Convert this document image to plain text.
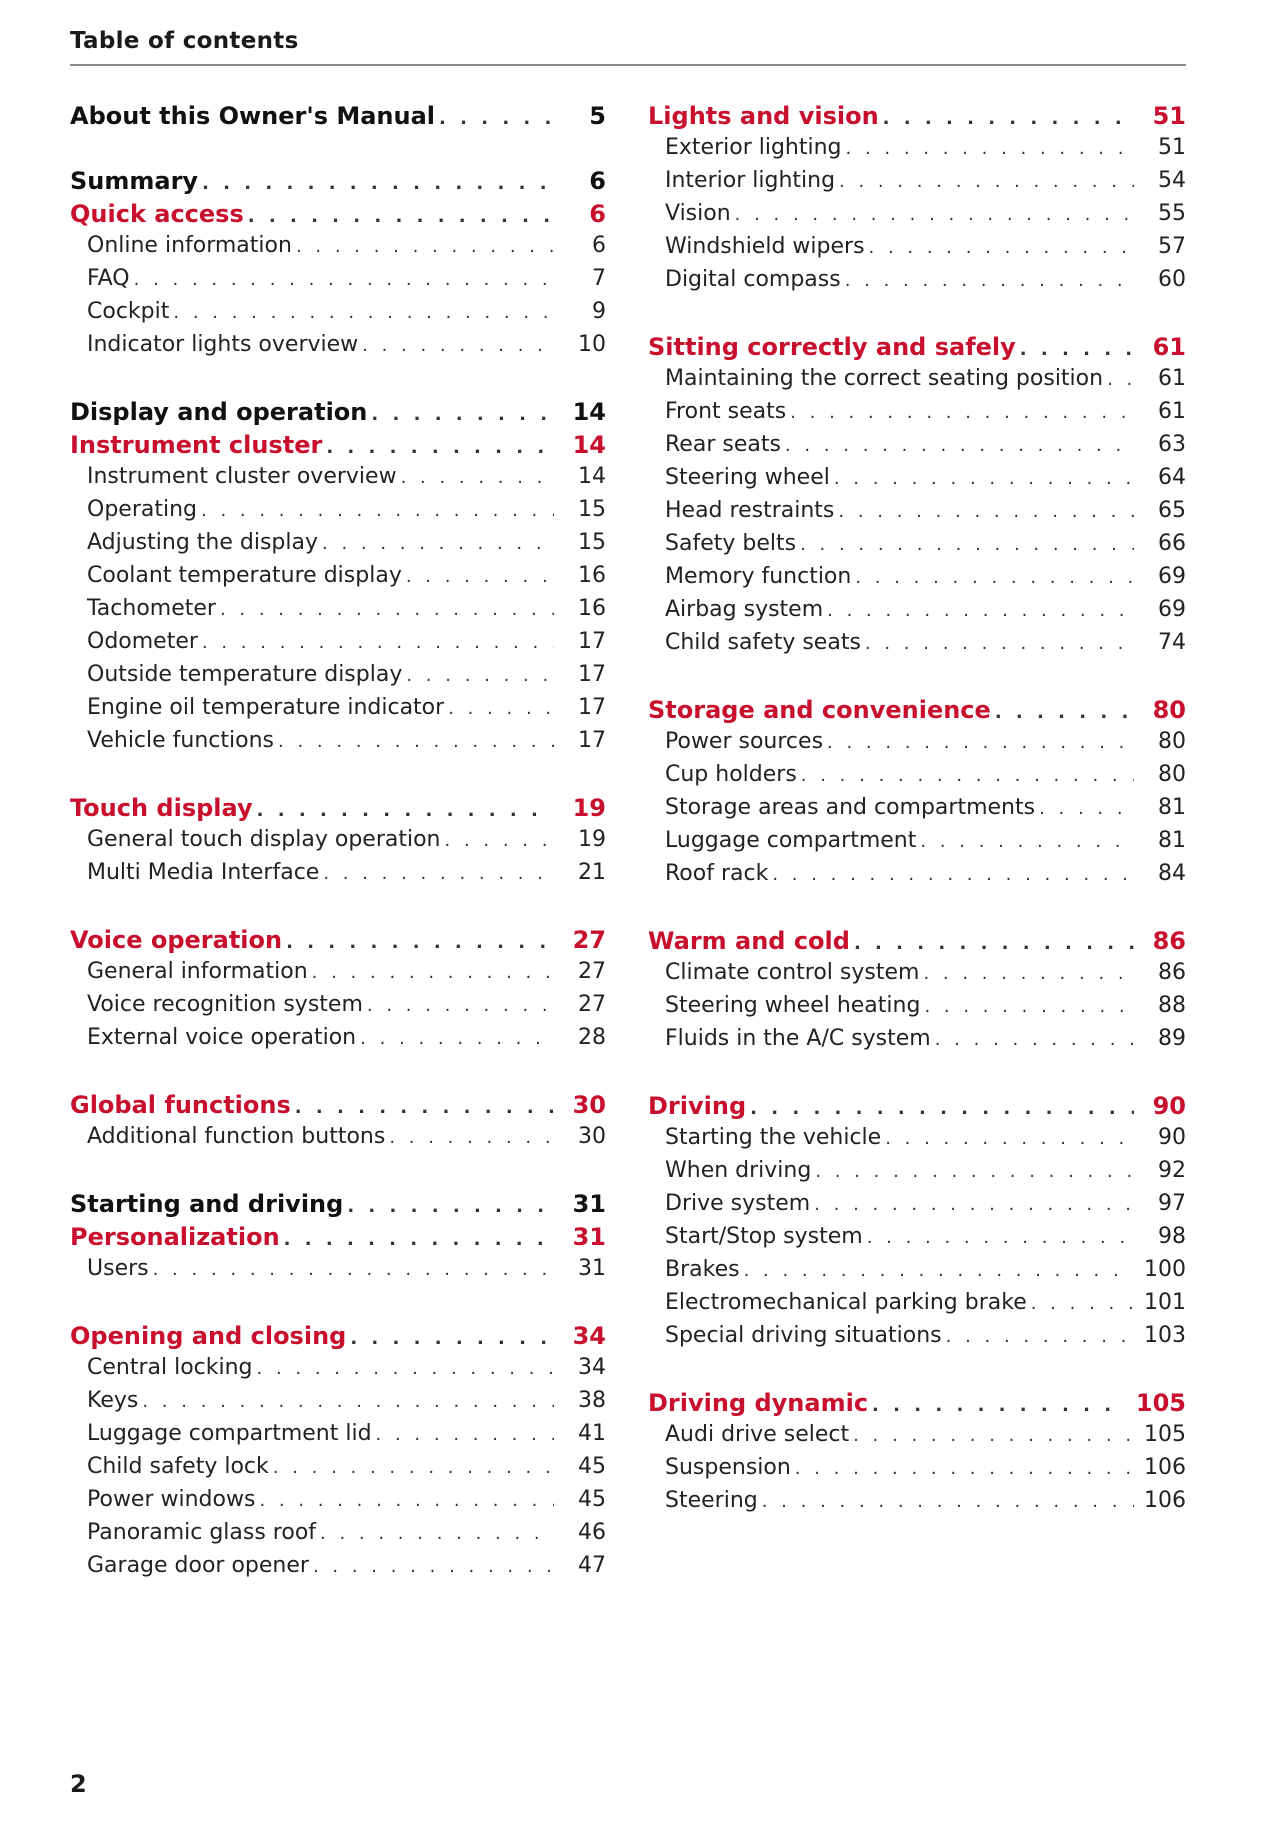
Table of contents
About this Owner's Manual . . .	5
Summary . . .	6
Quick access . . .	6
Online information . . .	6
FAQ . . .	7
Cockpit . . .	9
Indicator lights overview . . .	10
Display and operation . . .	14
Instrument cluster . . .	14
Instrument cluster overview . . .	14
Operating . . .	15
Adjusting the display . . .	15
Coolant temperature display . . .	16
Tachometer . . .	16
Odometer . . .	17
Outside temperature display . . .	17
Engine oil temperature indicator . . .	17
Vehicle functions . . .	17
Touch display . . .	19
General touch display operation . . .	19
Multi Media Interface . . .	21
Voice operation . . .	27
General information . . .	27
Voice recognition system . . .	27
External voice operation . . .	28
Global functions . . .	30
Additional function buttons . . .	30
Starting and driving . . .	31
Personalization . . .	31
Users . . .	31
Opening and closing . . .	34
Central locking . . .	34
Keys . . .	38
Luggage compartment lid . . .	41
Child safety lock . . .	45
Power windows . . .	45
Panoramic glass roof . . .	46
Garage door opener . . .	47
Lights and vision . . .	51
Exterior lighting . . .	51
Interior lighting . . .	54
Vision . . .	55
Windshield wipers . . .	57
Digital compass . . .	60
Sitting correctly and safely . . .	61
Maintaining the correct seating position . . .	61
Front seats . . .	61
Rear seats . . .	63
Steering wheel . . .	64
Head restraints . . .	65
Safety belts . . .	66
Memory function . . .	69
Airbag system . . .	69
Child safety seats . . .	74
Storage and convenience . . .	80
Power sources . . .	80
Cup holders . . .	80
Storage areas and compartments . . .	81
Luggage compartment . . .	81
Roof rack . . .	84
Warm and cold . . .	86
Climate control system . . .	86
Steering wheel heating . . .	88
Fluids in the A/C system . . .	89
Driving . . .	90
Starting the vehicle . . .	90
When driving . . .	92
Drive system . . .	97
Start/Stop system . . .	98
Brakes . . .	100
Electromechanical parking brake . . .	101
Special driving situations . . .	103
Driving dynamic . . .	105
Audi drive select . . .	105
Suspension . . .	106
Steering . . .	106
2
